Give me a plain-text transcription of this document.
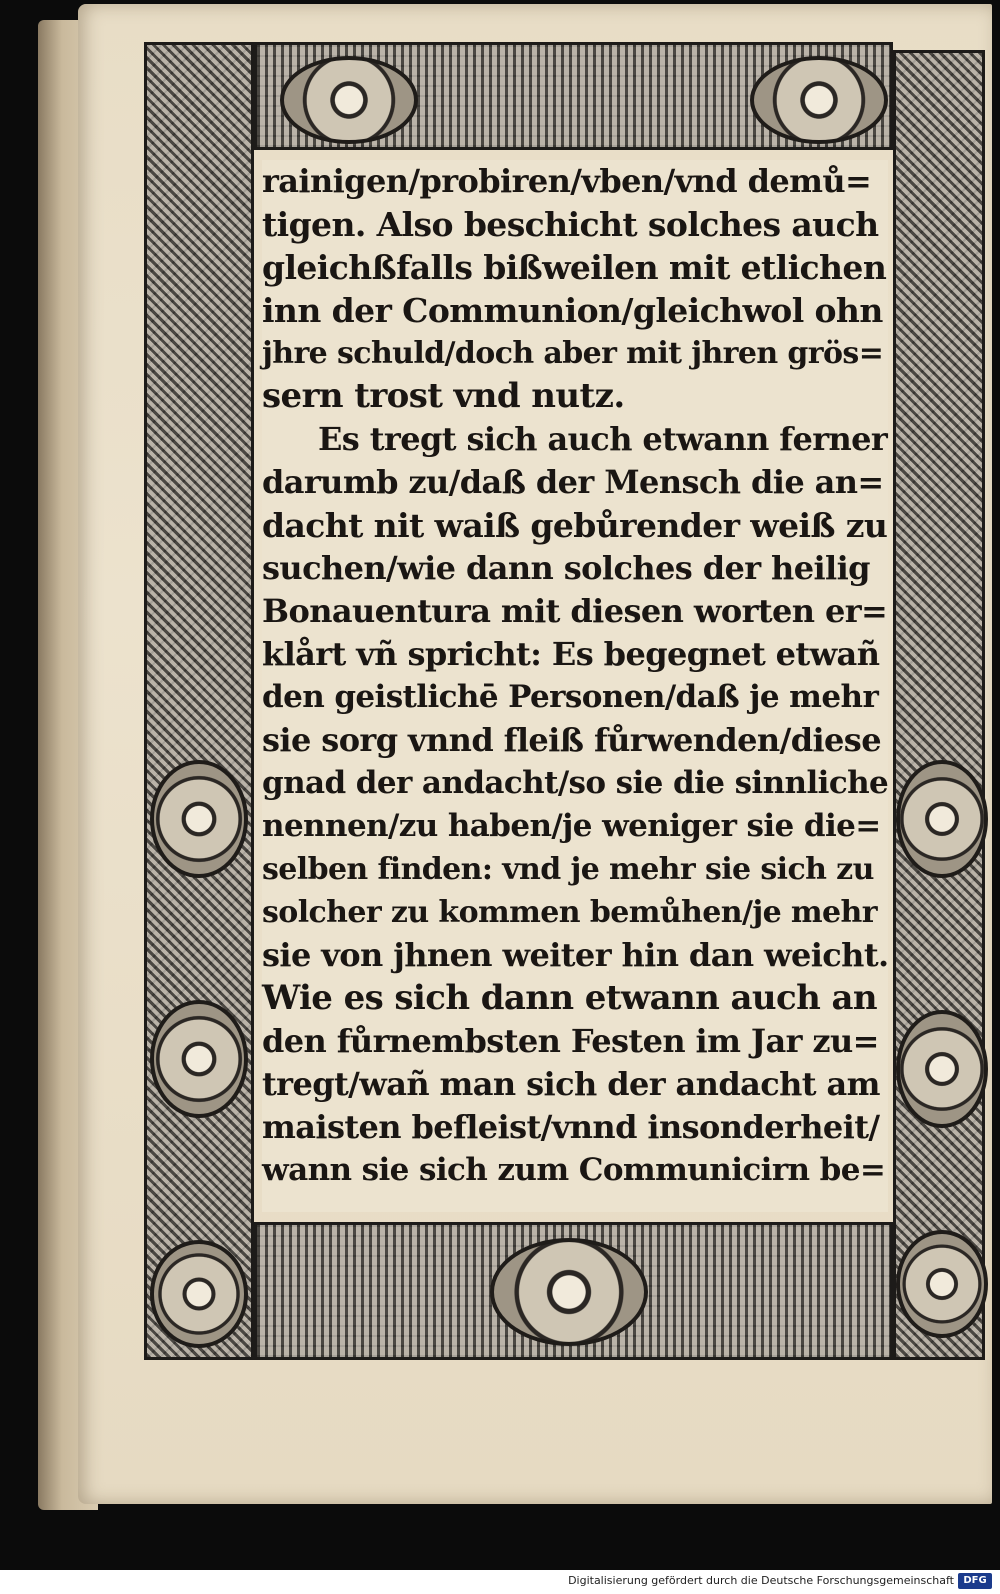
rainigen/probiren/vben/vnd demů=
tigen. Also beschicht solches auch
gleichßfalls bißweilen mit etlichen
inn der Communion/gleichwol ohn
jhre schuld/doch aber mit jhren grös=
sern trost vnd nutz.
Es tregt sich auch etwann ferner
darumb zu/daß der Mensch die an=
dacht nit waiß gebůrender weiß zu
suchen/wie dann solches der heilig
Bonauentura mit diesen worten er=
klårt vñ spricht: Es begegnet etwañ
den geistlichē Personen/daß je mehr
sie sorg vnnd fleiß fůrwenden/diese
gnad der andacht/so sie die sinnliche
nennen/zu haben/je weniger sie die=
selben finden: vnd je mehr sie sich zu
solcher zu kommen bemůhen/je mehr
sie von jhnen weiter hin dan weicht.
Wie es sich dann etwann auch an
den fůrnembsten Festen im Jar zu=
tregt/wañ man sich der andacht am
maisten befleist/vnnd insonderheit/
wann sie sich zum Communicirn be=
Digitalisierung gefördert durch die Deutsche Forschungsgemeinschaft DFG
